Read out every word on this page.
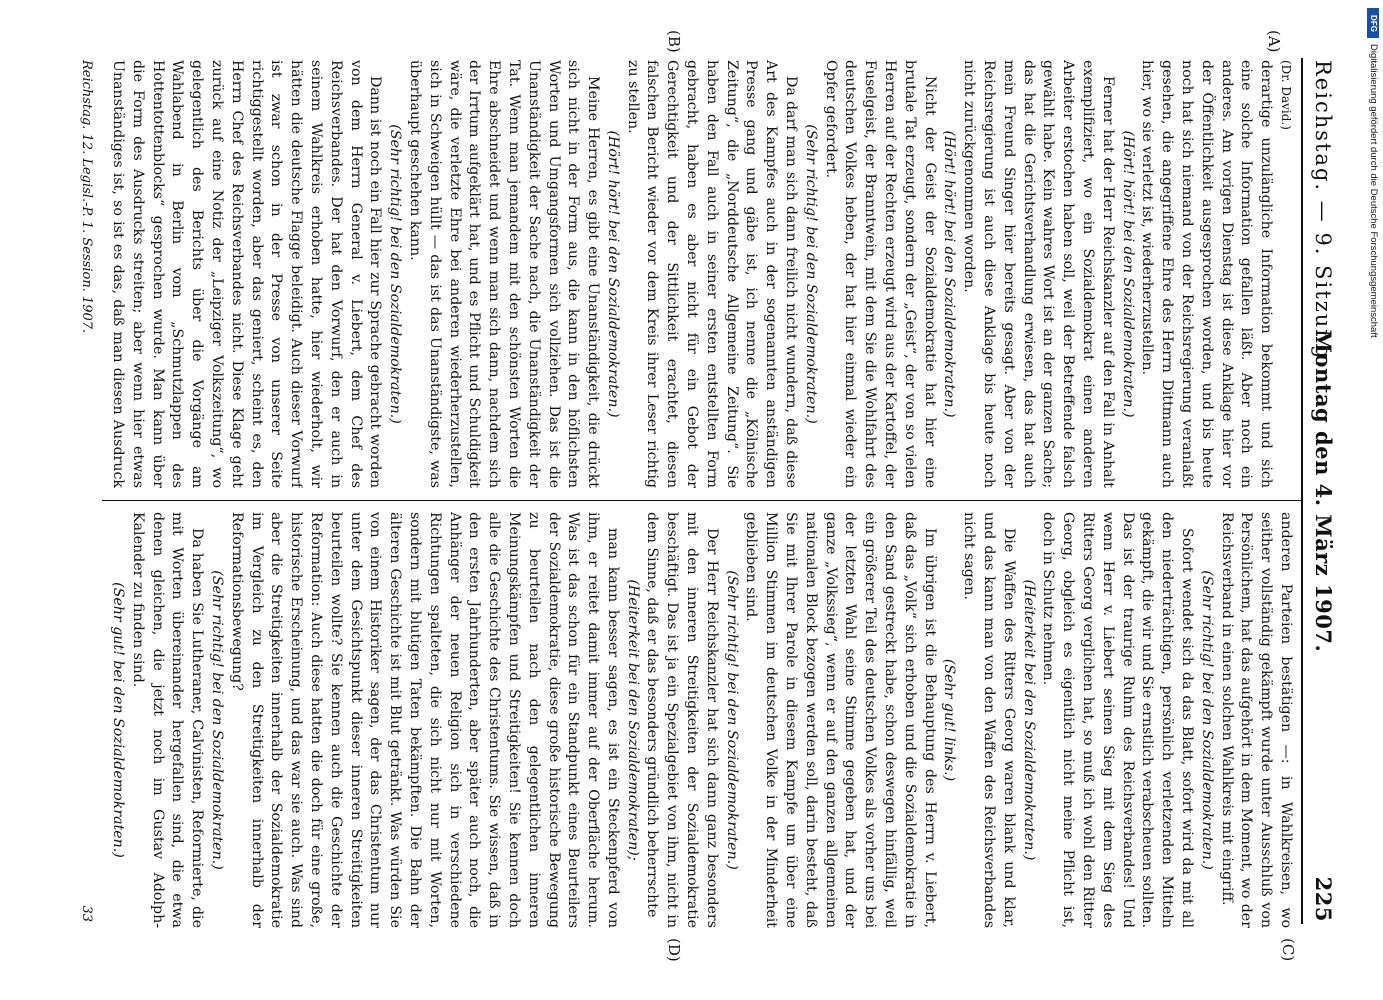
Reichstag. — 9. Sitzung.
Montag den 4. März 1907.
225
(A)
(B)
(C)
(D)

(Dr. David.)

derartige unzulängliche Information bekommt und sich eine solche Information gefallen läßt. Aber noch ein anderes. Am vorigen Dienstag ist diese Anklage hier vor der Öffentlichkeit ausgesprochen worden, und bis heute noch hat sich niemand von der Reichsregierung veranlaßt gesehen, die angegriffene Ehre des Herrn Dittmann auch hier, wo sie verletzt ist, wiederherzustellen.

(Hört! hört! bei den Sozialdemokraten.)

Ferner hat der Herr Reichskanzler auf den Fall in Anhalt exemplifiziert, wo ein Sozialdemokrat einen anderen Arbeiter erstochen haben soll, weil der Betreffende falsch gewählt habe. Kein wahres Wort ist an der ganzen Sache; das hat die Gerichtsverhandlung erwiesen, das hat auch mein Freund Singer hier bereits gesagt. Aber von der Reichsregierung ist auch diese Anklage bis heute noch nicht zurückgenommen worden.

(Hört! hört! bei den Sozialdemokraten.)

Nicht der Geist der Sozialdemokratie hat hier eine brutale Tat erzeugt, sondern der „Geist“, der von so vielen Herren auf der Rechten erzeugt wird aus der Kartoffel, der Fuselgeist, der Branntwein, mit dem Sie die Wohlfahrt des deutschen Volkes heben, der hat hier einmal wieder ein Opfer gefordert.

(Sehr richtig! bei den Sozialdemokraten.)

Da darf man sich dann freilich nicht wundern, daß diese Art des Kampfes auch in der sogenannten anständigen Presse gang und gäbe ist, ich nenne die „Kölnische Zeitung“, die „Norddeutsche Allgemeine Zeitung“. Sie haben den Fall auch in seiner ersten entstellten Form gebracht, haben es aber nicht für ein Gebot der Gerechtigkeit und der Sittlichkeit erachtet, diesen falschen Bericht wieder vor dem Kreis ihrer Leser richtig zu stellen.

(Hört! hört! bei den Sozialdemokraten.)

Meine Herren, es gibt eine Unanständigkeit, die drückt sich nicht in der Form aus, die kann in den höflichsten Worten und Umgangsformen sich vollziehen. Das ist die Unanständigkeit der Sache nach, die Unanständigkeit der Tat. Wenn man jemandem mit den schönsten Worten die Ehre abschneidet und wenn man sich dann, nachdem sich der Irrtum aufgeklärt hat, und es Pflicht und Schuldigkeit wäre, die verletzte Ehre bei anderen wiederherzustellen, sich in Schweigen hüllt — das ist das Unanständigste, was überhaupt geschehen kann.

(Sehr richtig! bei den Sozialdemokraten.)

Dann ist noch ein Fall hier zur Sprache gebracht worden von dem Herrn General v. Liebert, dem Chef des Reichsverbandes. Der hat den Vorwurf, den er auch in seinem Wahlkreis erhoben hatte, hier wiederholt, wir hätten die deutsche Flagge beleidigt. Auch dieser Vorwurf ist zwar schon in der Presse von unserer Seite richtiggestellt worden, aber das geniert, scheint es, den Herrn Chef des Reichsverbandes nicht. Diese Klage geht zurück auf eine Notiz der „Leipziger Volkszeitung“, wo gelegentlich des Berichts über die Vorgänge am Wahlabend in Berlin vom „Schmutzlappen des Hottentottenblocks“ gesprochen wurde. Man kann über die Form des Ausdrucks streiten; aber wenn hier etwas Unanständiges ist, so ist es das, daß man diesen Ausdruck

anderen Parteien bestätigen —: in Wahlkreisen, wo seither vollständig gekämpft wurde unter Ausschluß von Persönlichem, hat das aufgehört in dem Moment, wo der Reichsverband in einen solchen Wahlkreis mit eingriff.

(Sehr richtig! bei den Sozialdemokraten.)

Sofort wendet sich da das Blatt, sofort wird da mit all den niederträchtigen, persönlich verletzenden Mitteln gekämpft, die wir und Sie ernstlich verabscheuen sollten. Das ist der traurige Ruhm des Reichsverbandes! Und wenn Herr v. Liebert seinen Sieg mit dem Sieg des Ritters Georg verglichen hat, so muß ich wohl den Ritter Georg, obgleich es eigentlich nicht meine Pflicht ist, doch in Schutz nehmen.

(Heiterkeit bei den Sozialdemokraten.)

Die Waffen des Ritters Georg waren blank und klar, und das kann man von den Waffen des Reichsverbandes nicht sagen.

(Sehr gut! links.)

Im übrigen ist die Behauptung des Herrn v. Liebert, daß das „Volk“ sich erhoben und die Sozialdemokratie in den Sand gestreckt habe, schon deswegen hinfällig, weil ein größerer Teil des deutschen Volkes als vorher uns bei der letzten Wahl seine Stimme gegeben hat, und der ganze „Volkssieg“, wenn er auf den ganzen allgemeinen nationalen Block bezogen werden soll, darin besteht, daß Sie mit Ihrer Parole in diesem Kampfe um über eine Million Stimmen im deutschen Volke in der Minderheit geblieben sind.

(Sehr richtig! bei den Sozialdemokraten.)

Der Herr Reichskanzler hat sich dann ganz besonders mit den inneren Streitigkeiten der Sozialdemokratie beschäftigt. Das ist ja ein Spezialgebiet von ihm, nicht in dem Sinne, daß er das besonders gründlich beherrschte

(Heiterkeit bei den Sozialdemokraten);

man kann besser sagen, es ist ein Steckenpferd von ihm, er reitet damit immer auf der Oberfläche herum. Was ist das schon für ein Standpunkt eines Beurteilers der Sozialdemokratie, diese große historische Bewegung zu beurteilen nach den gelegentlichen inneren Meinungskämpfen und Streitigkeiten! Sie kennen doch alle die Geschichte des Christentums. Sie wissen, daß in den ersten Jahrhunderten, aber später auch noch, die Anhänger der neuen Religion sich in verschiedene Richtungen spalteten, die sich nicht nur mit Worten, sondern mit blutigen Taten bekämpften. Die Bahn der älteren Geschichte ist mit Blut getränkt. Was würden Sie von einem Historiker sagen, der das Christentum nur unter dem Gesichtspunkt dieser inneren Streitigkeiten beurteilen wollte? Sie kennen auch die Geschichte der Reformation: Auch diese hatten die doch für eine große, historische Erscheinung, und das war sie auch. Was sind aber die Streitigkeiten innerhalb der Sozialdemokratie im Vergleich zu den Streitigkeiten innerhalb der Reformationsbewegung?

(Sehr richtig! bei den Sozialdemokraten.)

Da haben Sie Lutheraner, Calvinisten, Reformierte, die mit Worten übereinander hergefallen sind, die etwa denen gleichen, die jetzt noch im Gustav Adolph-Kalender zu finden sind.

(Sehr gut! bei den Sozialdemokraten.)

Reichstag. 12. Legisl.-P. 1. Session. 1907.
33
DFG
Digitalisierung gefördert durch die Deutsche Forschungsgemeinschaft
